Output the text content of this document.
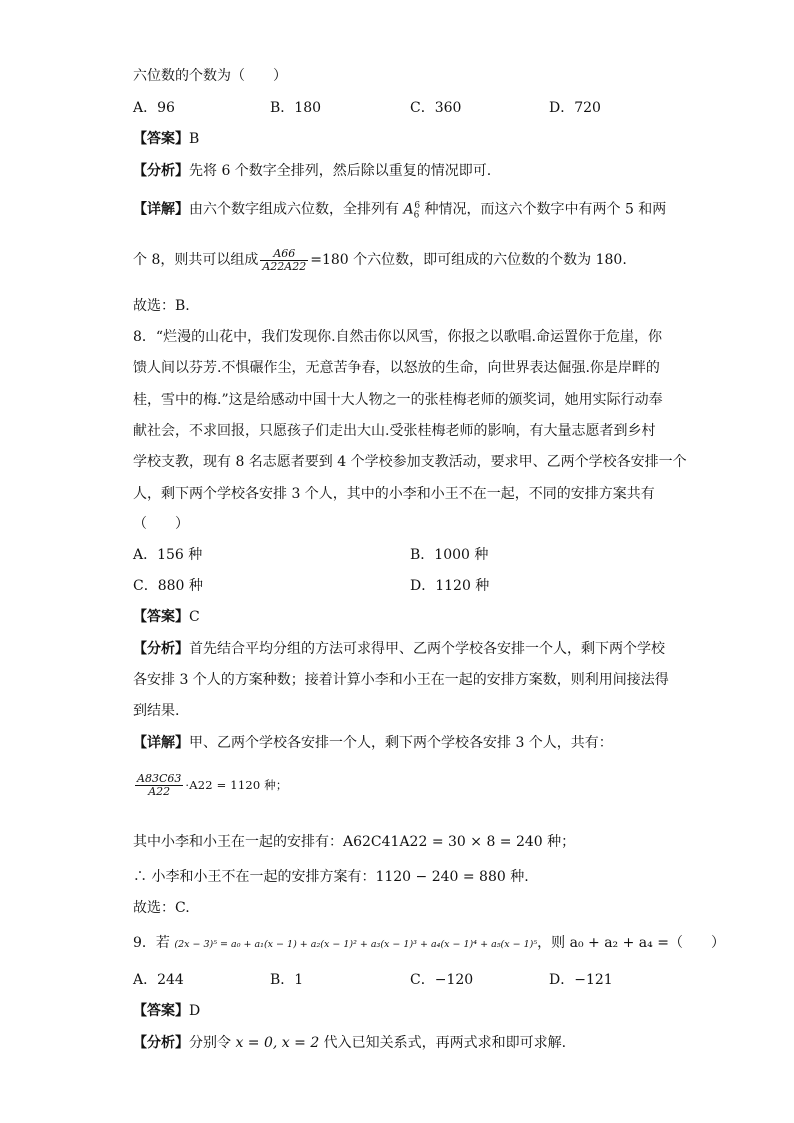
六位数的个数为（　　）
A．96	B．180	C．360	D．720
【答案】B
【分析】先将 6 个数字全排列，然后除以重复的情况即可.
【详解】由六个数字组成六位数，全排列有 $A_6^6$ 种情况，而这六个数字中有两个 5 和两
个 8，则共可以组成 $\frac{A66}{A22A22} =180$ 个六位数，即可组成的六位数的个数为 180.
故选：B.
8．“烂漫的山花中，我们发现你.自然击你以风雪，你报之以歌唱.命运置你于危崖，你
馈人间以芬芳.不惧碾作尘，无意苦争春，以怒放的生命，向世界表达倔强.你是岸畔的
桂，雪中的梅.”这是给感动中国十大人物之一的张桂梅老师的颁奖词，她用实际行动奉
献社会，不求回报，只愿孩子们走出大山.受张桂梅老师的影响，有大量志愿者到乡村
学校支教，现有 8 名志愿者要到 4 个学校参加支教活动，要求甲、乙两个学校各安排一个
人，剩下两个学校各安排 3 个人，其中的小李和小王不在一起，不同的安排方案共有
（　　）
A．156 种	B．1000 种
C．880 种	D．1120 种
【答案】C
【分析】首先结合平均分组的方法可求得甲、乙两个学校各安排一个人，剩下两个学校
各安排 3 个人的方案种数；接着计算小李和小王在一起的安排方案数，则利用间接法得
到结果.
【详解】甲、乙两个学校各安排一个人，剩下两个学校各安排 3 个人，共有：
$\frac{A83C63}{A22} \cdot A22 = 1120$ 种；
其中小李和小王在一起的安排有：A62C41A22 = 30 × 8 = 240 种；
∴ 小李和小王不在一起的安排方案有：1120 − 240 = 880 种.
故选：C.
9．若 (2x − 3)⁵ = a₀ + a₁(x − 1) + a₂(x − 1)² + a₃(x − 1)³ + a₄(x − 1)⁴ + a₅(x − 1)⁵，则 a₀ + a₂ + a₄ =（　　）
A．244	B．1	C．−120	D．−121
【答案】D
【分析】分别令 x = 0, x = 2 代入已知关系式，再两式求和即可求解.
